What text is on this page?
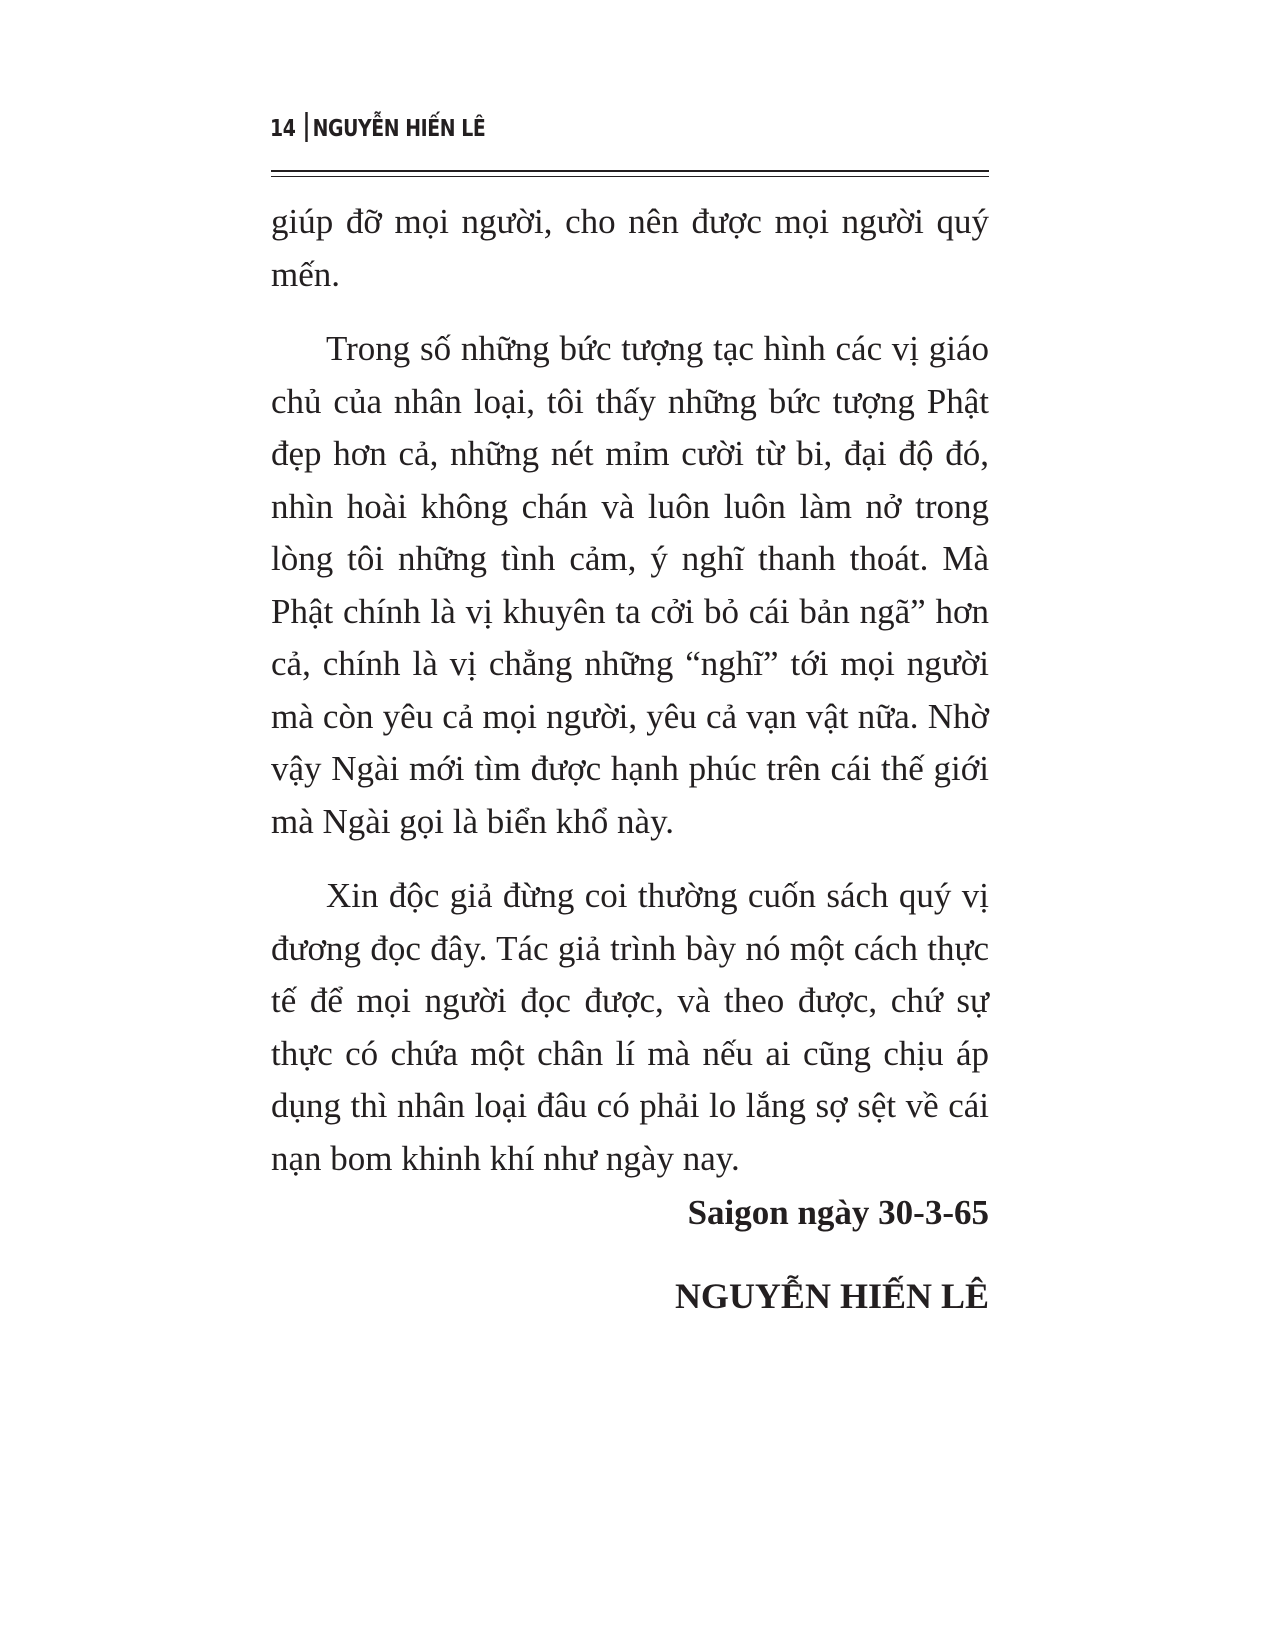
14 NGUYỄN HIẾN LÊ

giúp đỡ mọi người, cho nên được mọi người quý mến.

Trong số những bức tượng tạc hình các vị giáo chủ của nhân loại, tôi thấy những bức tượng Phật đẹp hơn cả, những nét mỉm cười từ bi, đại độ đó, nhìn hoài không chán và luôn luôn làm nở trong lòng tôi những tình cảm, ý nghĩ thanh thoát. Mà Phật chính là vị khuyên ta cởi bỏ cái bản ngã” hơn cả, chính là vị chẳng những “nghĩ” tới mọi người mà còn yêu cả mọi người, yêu cả vạn vật nữa. Nhờ vậy Ngài mới tìm được hạnh phúc trên cái thế giới mà Ngài gọi là biển khổ này.

Xin độc giả đừng coi thường cuốn sách quý vị đương đọc đây. Tác giả trình bày nó một cách thực tế để mọi người đọc được, và theo được, chứ sự thực có chứa một chân lí mà nếu ai cũng chịu áp dụng thì nhân loại đâu có phải lo lắng sợ sệt về cái nạn bom khinh khí như ngày nay.

Saigon ngày 30-3-65
NGUYỄN HIẾN LÊ
